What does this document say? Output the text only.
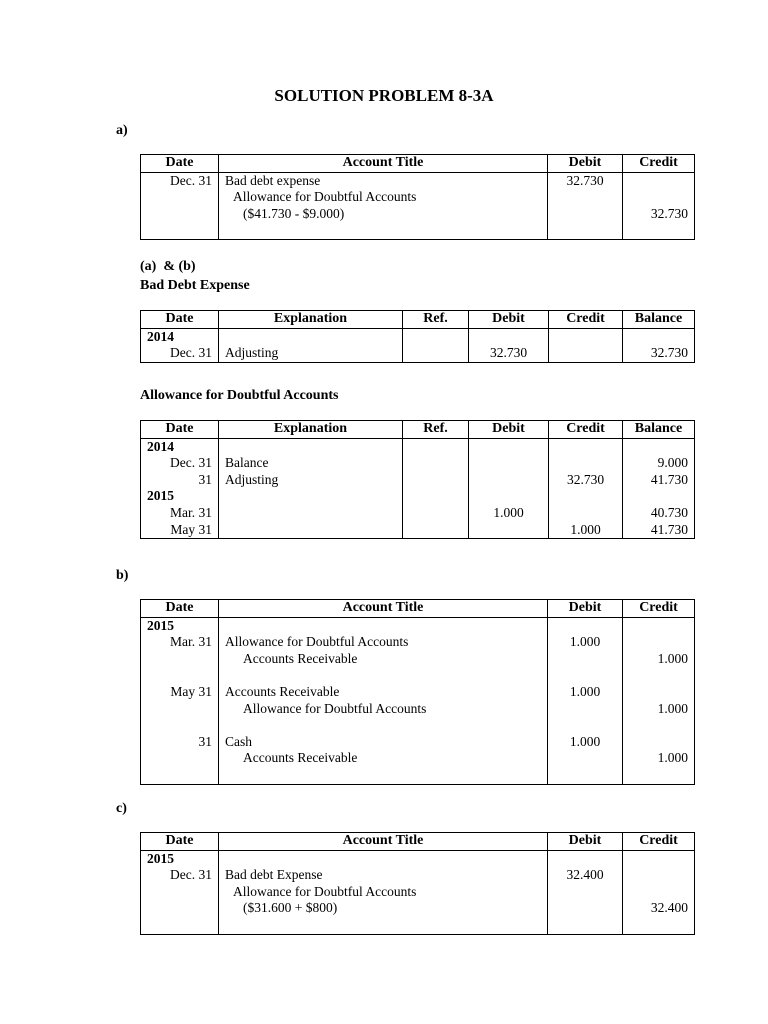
SOLUTION PROBLEM 8-3A
a)
Date	Account Title	Debit	Credit
Dec. 31	Bad debt expense	32.730	
	Allowance for Doubtful Accounts		
	($41.730 - $9.000)		32.730

(a)  & (b)
Bad Debt Expense
Date	Explanation	Ref.	Debit	Credit	Balance
2014					
Dec. 31	Adjusting		32.730		32.730
Allowance for Doubtful Accounts
Date	Explanation	Ref.	Debit	Credit	Balance
2014					
Dec. 31	Balance				9.000
31	Adjusting			32.730	41.730
2015					
Mar. 31			1.000		40.730
May 31				1.000	41.730
b)
Date	Account Title	Debit	Credit
2015			
Mar. 31	Allowance for Doubtful Accounts	1.000	
	Accounts Receivable		1.000

May 31	Accounts Receivable	1.000	
	Allowance for Doubtful Accounts		1.000

31	Cash	1.000	
	Accounts Receivable		1.000

c)
Date	Account Title	Debit	Credit
2015			
Dec. 31	Bad debt Expense	32.400	
	Allowance for Doubtful Accounts		
	($31.600 + $800)		32.400
